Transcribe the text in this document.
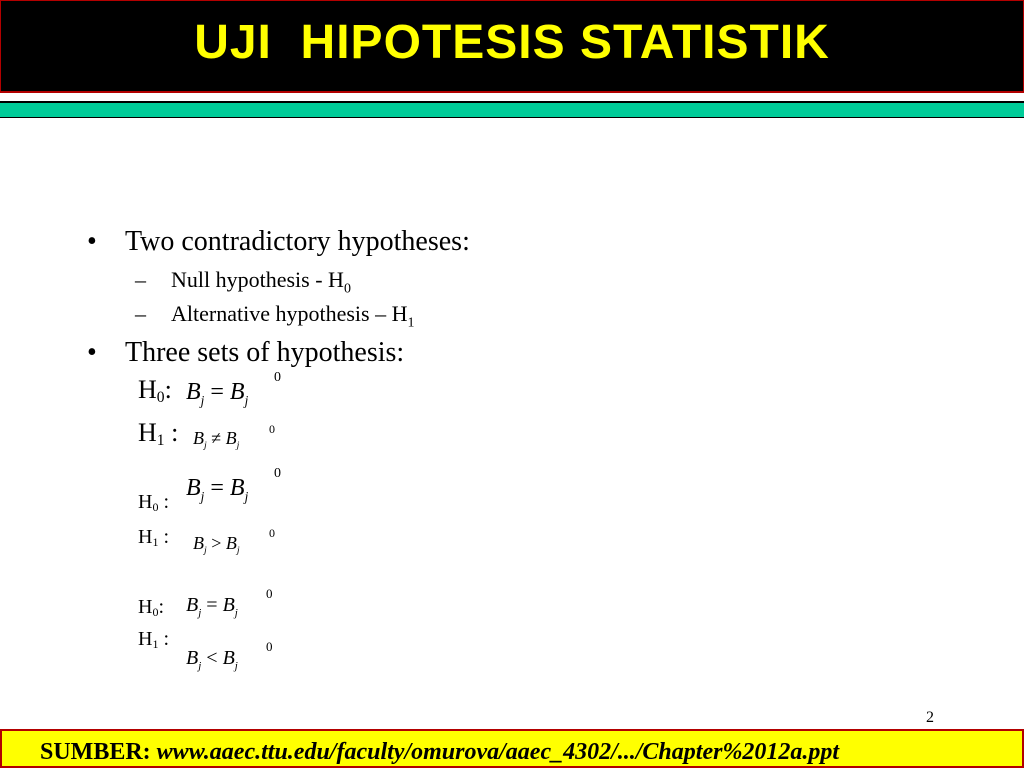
UJI  HIPOTESIS STATISTIK
• Two contradictory hypotheses:
– Null hypothesis - $H_0$
– Alternative hypothesis – $H_1$
• Three sets of hypothesis:
$H_0$: $B_j = B_j$
0
$H_1$ : $B_j \ne B_j$
0
$H_0$ :
$B_j = B_j$
0
$H_1$ : $B_j > B_j$
0
$H_0$: $B_j = B_j$
0
$H_1$ :
$B_j < B_j$
0
2
SUMBER: www.aaec.ttu.edu/faculty/omurova/aaec_4302/.../Chapter%2012a.ppt
